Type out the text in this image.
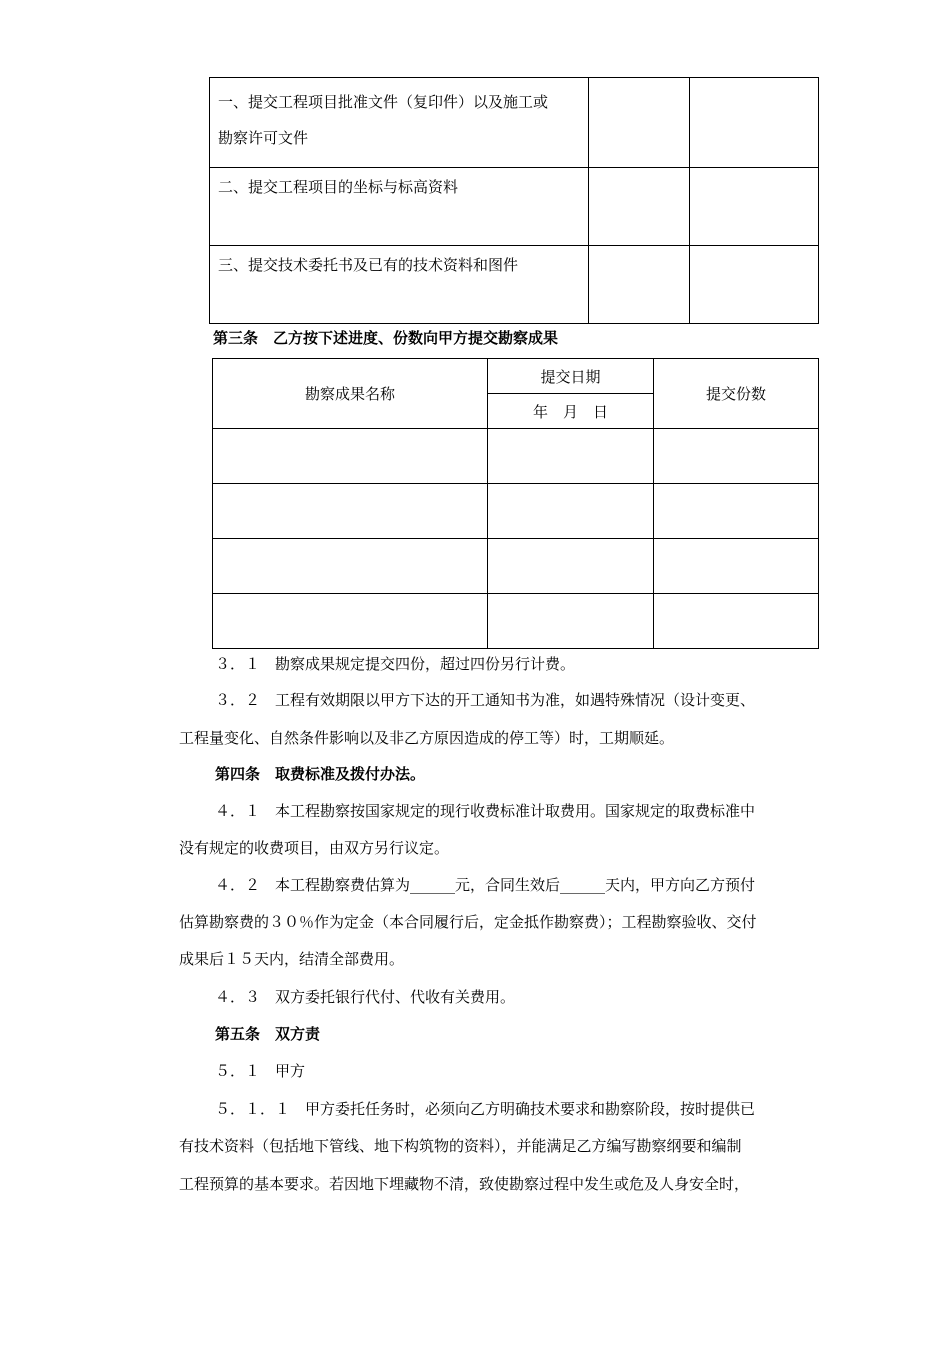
一、提交工程项目批准文件（复印件）以及施工或
勘察许可文件		
二、提交工程项目的坐标与标高资料		
三、提交技术委托书及已有的技术资料和图件		
第三条　乙方按下述进度、份数向甲方提交勘察成果
勘察成果名称	提交日期	提交份数
	年　月　日	

３．１　勘察成果规定提交四份，超过四份另行计费。
３．２　工程有效期限以甲方下达的开工通知书为准，如遇特殊情况（设计变更、
工程量变化、自然条件影响以及非乙方原因造成的停工等）时，工期顺延。
第四条　取费标准及拨付办法。
４．１　本工程勘察按国家规定的现行收费标准计取费用。国家规定的取费标准中
没有规定的收费项目，由双方另行议定。
４．２　本工程勘察费估算为______元，合同生效后______天内，甲方向乙方预付
估算勘察费的３０％作为定金（本合同履行后，定金抵作勘察费）；工程勘察验收、交付
成果后１５天内，结清全部费用。
４．３　双方委托银行代付、代收有关费用。
第五条　双方责
５．１　甲方
５．１．１　甲方委托任务时，必须向乙方明确技术要求和勘察阶段，按时提供已
有技术资料（包括地下管线、地下构筑物的资料），并能满足乙方编写勘察纲要和编制
工程预算的基本要求。若因地下埋藏物不清，致使勘察过程中发生或危及人身安全时，
